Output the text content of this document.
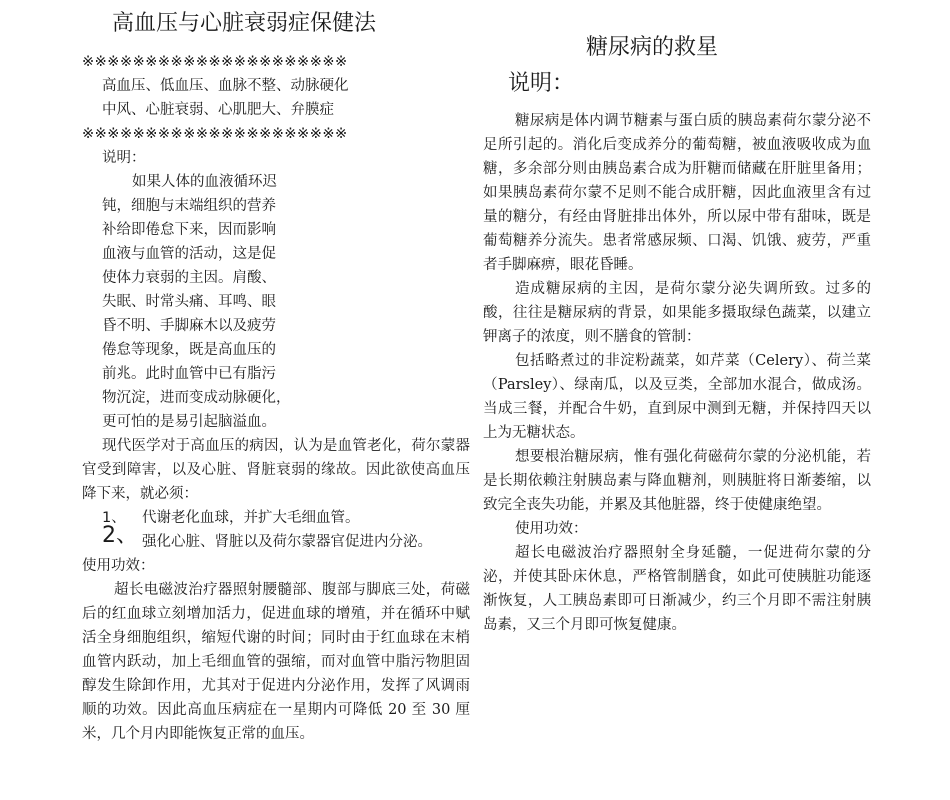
高血压与心脏衰弱症保健法
※※※※※※※※※※※※※※※※※※※※※
高血压、低血压、血脉不整、动脉硬化
中风、心脏衰弱、心肌肥大、弁膜症
※※※※※※※※※※※※※※※※※※※※※
说明：
如果人体的血液循环迟
钝，细胞与末端组织的营养
补给即倦怠下来，因而影响
血液与血管的活动，这是促
使体力衰弱的主因。肩酸、
失眠、时常头痛、耳鸣、眼
昏不明、手脚麻木以及疲劳
倦怠等现象，既是高血压的
前兆。此时血管中已有脂污
物沉淀，进而变成动脉硬化，
更可怕的是易引起脑溢血。

现代医学对于高血压的病因，认为是血管老化，荷尔蒙器官受到障害，以及心脏、肾脏衰弱的缘故。因此欲使高血压降下来，就必须：

1、 代谢老化血球，并扩大毛细血管。
2、 强化心脏、肾脏以及荷尔蒙器官促进内分泌。
使用功效：

超长电磁波治疗器照射腰髓部、腹部与脚底三处，荷磁后的红血球立刻增加活力，促进血球的增殖，并在循环中赋活全身细胞组织，缩短代谢的时间；同时由于红血球在末梢血管内跃动，加上毛细血管的强缩，而对血管中脂污物胆固醇发生除卸作用，尤其对于促进内分泌作用，发挥了风调雨顺的功效。因此高血压病症在一星期内可降低 20 至 30 厘米，几个月内即能恢复正常的血压。

糖尿病的救星
说明：

糖尿病是体内调节糖素与蛋白质的胰岛素荷尔蒙分泌不足所引起的。消化后变成养分的葡萄糖，被血液吸收成为血糖，多余部分则由胰岛素合成为肝糖而储藏在肝脏里备用；如果胰岛素荷尔蒙不足则不能合成肝糖，因此血液里含有过量的糖分，有经由肾脏排出体外，所以尿中带有甜味，既是葡萄糖养分流失。患者常感尿频、口渴、饥饿、疲劳，严重者手脚麻痹，眼花昏睡。

造成糖尿病的主因，是荷尔蒙分泌失调所致。过多的酸，往往是糖尿病的背景，如果能多摄取绿色蔬菜，以建立钾离子的浓度，则不膳食的管制：

包括略煮过的非淀粉蔬菜，如芹菜（Celery）、荷兰菜（Parsley）、绿南瓜，以及豆类，全部加水混合，做成汤。当成三餐，并配合牛奶，直到尿中测到无糖，并保持四天以上为无糖状态。

想要根治糖尿病，惟有强化荷磁荷尔蒙的分泌机能，若是长期依赖注射胰岛素与降血糖剂，则胰脏将日渐萎缩，以致完全丧失功能，并累及其他脏器，终于使健康绝望。

使用功效：

超长电磁波治疗器照射全身延髓，一促进荷尔蒙的分泌，并使其卧床休息，严格管制膳食，如此可使胰脏功能逐渐恢复，人工胰岛素即可日渐减少，约三个月即不需注射胰岛素，又三个月即可恢复健康。
